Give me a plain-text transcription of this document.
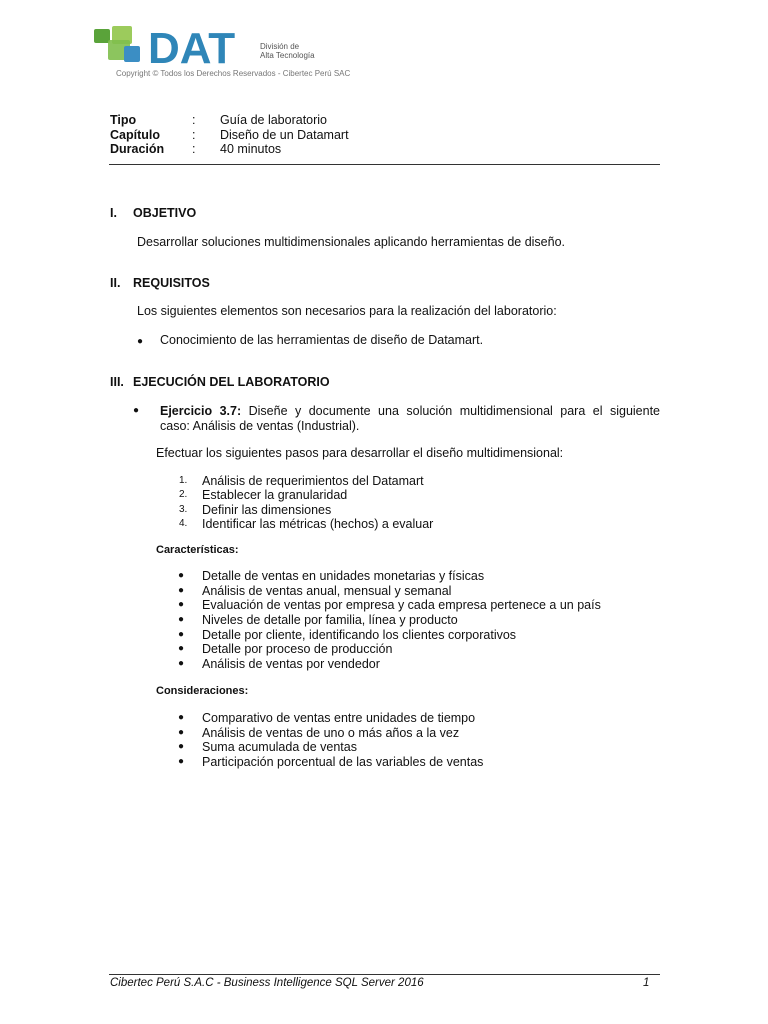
DAT	División de
Alta Tecnología
Copyright © Todos los Derechos Reservados - Cibertec Perú SAC
Tipo	:	Guía de laboratorio
Capítulo	:	Diseño de un Datamart
Duración	:	40 minutos
I. OBJETIVO
Desarrollar soluciones multidimensionales aplicando herramientas de diseño.
II. REQUISITOS
Los siguientes elementos son necesarios para la realización del laboratorio:
● Conocimiento de las herramientas de diseño de Datamart.
III. EJECUCIÓN DEL LABORATORIO
● Ejercicio 3.7: Diseñe y documente una solución multidimensional para el siguiente
caso: Análisis de ventas (Industrial).
Efectuar los siguientes pasos para desarrollar el diseño multidimensional:
1. Análisis de requerimientos del Datamart
2. Establecer la granularidad
3. Definir las dimensiones
4. Identificar las métricas (hechos) a evaluar
Características:
● Detalle de ventas en unidades monetarias y físicas
● Análisis de ventas anual, mensual y semanal
● Evaluación de ventas por empresa y cada empresa pertenece a un país
● Niveles de detalle por familia, línea y producto
● Detalle por cliente, identificando los clientes corporativos
● Detalle por proceso de producción
● Análisis de ventas por vendedor
Consideraciones:
● Comparativo de ventas entre unidades de tiempo
● Análisis de ventas de uno o más años a la vez
● Suma acumulada de ventas
● Participación porcentual de las variables de ventas
Cibertec Perú S.A.C - Business Intelligence SQL Server 2016	1
